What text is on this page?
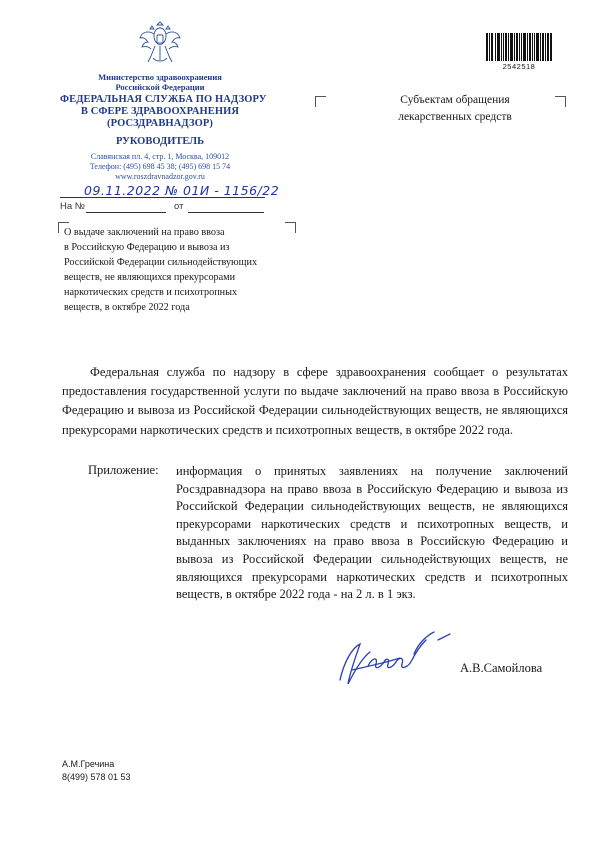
Министерство здравоохранения
Российской Федерации
ФЕДЕРАЛЬНАЯ СЛУЖБА ПО НАДЗОРУ
В СФЕРЕ ЗДРАВООХРАНЕНИЯ
(РОСЗДРАВНАДЗОР)
РУКОВОДИТЕЛЬ
Славянская пл. 4, стр. 1, Москва, 109012
Телефон: (495) 698 45 38; (495) 698 15 74
www.roszdravnadzor.gov.ru
09.11.2022 № 01И - 1156/22
На №	от
О выдаче заключений на право ввоза
в Российскую Федерацию и вывоза из
Российской Федерации сильнодействующих
веществ, не являющихся прекурсорами
наркотических средств и психотропных
веществ, в октябре 2022 года
Субъектам обращения
лекарственных средств
2542518
Федеральная служба по надзору в сфере здравоохранения сообщает о результатах предоставления государственной услуги по выдаче заключений на право ввоза в Российскую Федерацию и вывоза из Российской Федерации сильнодействующих веществ, не являющихся прекурсорами наркотических средств и психотропных веществ, в октябре 2022 года.
Приложение: информация о принятых заявлениях на получение заключений Росздравнадзора на право ввоза в Российскую Федерацию и вывоза из Российской Федерации сильнодействующих веществ, не являющихся прекурсорами наркотических средств и психотропных веществ, и выданных заключениях на право ввоза в Российскую Федерацию и вывоза из Российской Федерации сильнодействующих веществ, не являющихся прекурсорами наркотических средств и психотропных веществ, в октябре 2022 года - на 2 л. в 1 экз.
А.В.Самойлова
А.М.Гречина
8(499) 578 01 53
